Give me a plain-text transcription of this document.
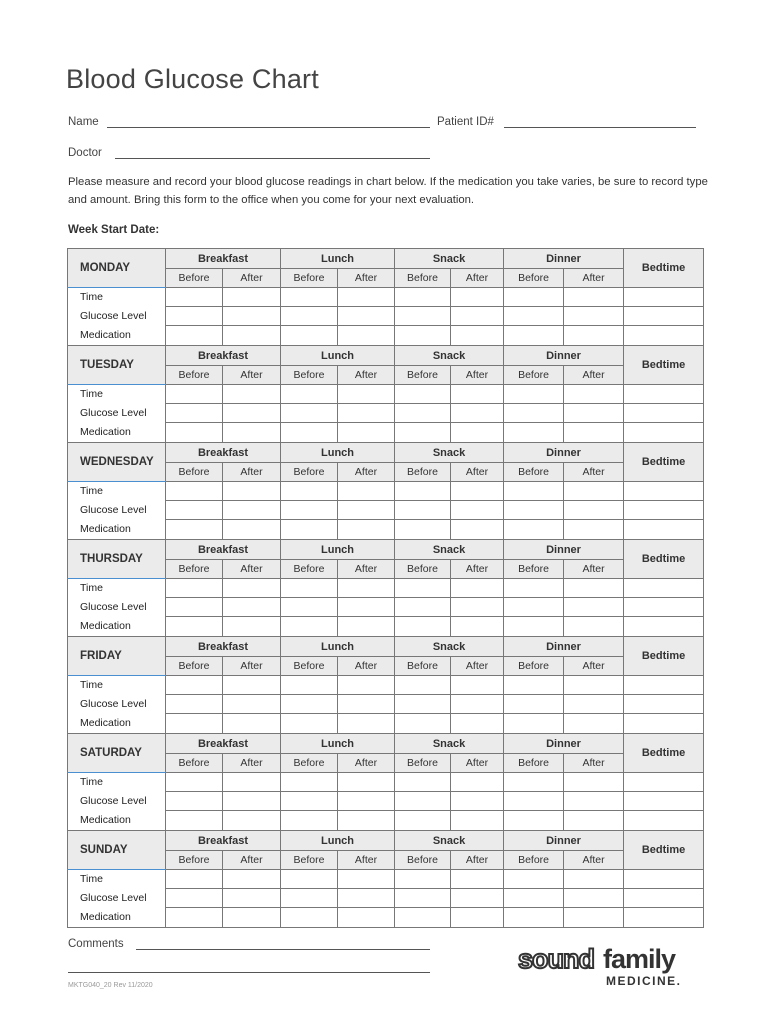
Blood Glucose Chart
Name	Patient ID#
Doctor
Please measure and record your blood glucose readings in chart below. If the medication you take varies, be sure to record type and amount. Bring this form to the office when you come for your next evaluation.
Week Start Date:
MONDAY	Breakfast		Lunch		Snack		Dinner		Bedtime
	Before	After	Before	After	Before	After	Before	After	
Time									
Glucose Level									
Medication									
TUESDAY	Breakfast		Lunch		Snack		Dinner		Bedtime
	Before	After	Before	After	Before	After	Before	After	
Time									
Glucose Level									
Medication									
WEDNESDAY	Breakfast		Lunch		Snack		Dinner		Bedtime
	Before	After	Before	After	Before	After	Before	After	
Time									
Glucose Level									
Medication									
THURSDAY	Breakfast		Lunch		Snack		Dinner		Bedtime
	Before	After	Before	After	Before	After	Before	After	
Time									
Glucose Level									
Medication									
FRIDAY	Breakfast		Lunch		Snack		Dinner		Bedtime
	Before	After	Before	After	Before	After	Before	After	
Time									
Glucose Level									
Medication									
SATURDAY	Breakfast		Lunch		Snack		Dinner		Bedtime
	Before	After	Before	After	Before	After	Before	After	
Time									
Glucose Level									
Medication									
SUNDAY	Breakfast		Lunch		Snack		Dinner		Bedtime
	Before	After	Before	After	Before	After	Before	After	
Time									
Glucose Level									
Medication									
Comments
MKTG040_20 Rev 11/2020
sound family
MEDICINE.
